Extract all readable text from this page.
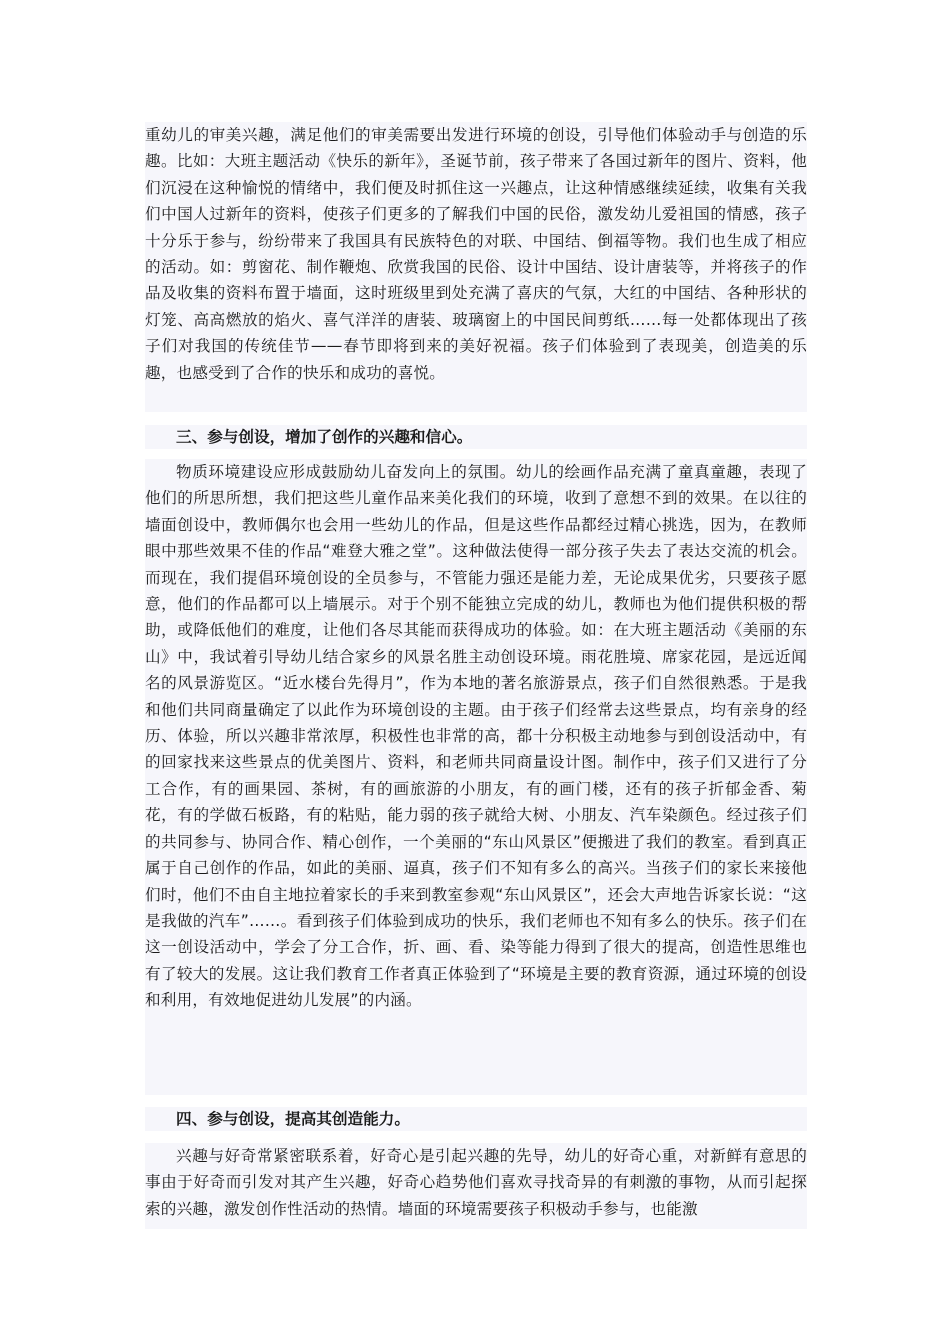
重幼儿的审美兴趣，满足他们的审美需要出发进行环境的创设，引导他们体验动手与创造的乐趣。比如：大班主题活动《快乐的新年》，圣诞节前，孩子带来了各国过新年的图片、资料，他们沉浸在这种愉悦的情绪中，我们便及时抓住这一兴趣点，让这种情感继续延续，收集有关我们中国人过新年的资料，使孩子们更多的了解我们中国的民俗，激发幼儿爱祖国的情感，孩子十分乐于参与，纷纷带来了我国具有民族特色的对联、中国结、倒福等物。我们也生成了相应的活动。如：剪窗花、制作鞭炮、欣赏我国的民俗、设计中国结、设计唐装等，并将孩子的作品及收集的资料布置于墙面，这时班级里到处充满了喜庆的气氛，大红的中国结、各种形状的灯笼、高高燃放的焰火、喜气洋洋的唐装、玻璃窗上的中国民间剪纸……每一处都体现出了孩子们对我国的传统佳节——春节即将到来的美好祝福。孩子们体验到了表现美，创造美的乐趣，也感受到了合作的快乐和成功的喜悦。

三、参与创设，增加了创作的兴趣和信心。

物质环境建设应形成鼓励幼儿奋发向上的氛围。幼儿的绘画作品充满了童真童趣，表现了他们的所思所想，我们把这些儿童作品来美化我们的环境，收到了意想不到的效果。在以往的墙面创设中，教师偶尔也会用一些幼儿的作品，但是这些作品都经过精心挑选，因为，在教师眼中那些效果不佳的作品“难登大雅之堂”。这种做法使得一部分孩子失去了表达交流的机会。而现在，我们提倡环境创设的全员参与，不管能力强还是能力差，无论成果优劣，只要孩子愿意，他们的作品都可以上墙展示。对于个别不能独立完成的幼儿，教师也为他们提供积极的帮助，或降低他们的难度，让他们各尽其能而获得成功的体验。如：在大班主题活动《美丽的东山》中，我试着引导幼儿结合家乡的风景名胜主动创设环境。雨花胜境、席家花园，是远近闻名的风景游览区。“近水楼台先得月”，作为本地的著名旅游景点，孩子们自然很熟悉。于是我和他们共同商量确定了以此作为环境创设的主题。由于孩子们经常去这些景点，均有亲身的经历、体验，所以兴趣非常浓厚，积极性也非常的高，都十分积极主动地参与到创设活动中，有的回家找来这些景点的优美图片、资料，和老师共同商量设计图。制作中，孩子们又进行了分工合作，有的画果园、茶树，有的画旅游的小朋友，有的画门楼，还有的孩子折郁金香、菊花，有的学做石板路，有的粘贴，能力弱的孩子就给大树、小朋友、汽车染颜色。经过孩子们的共同参与、协同合作、精心创作，一个美丽的“东山风景区”便搬进了我们的教室。看到真正属于自己创作的作品，如此的美丽、逼真，孩子们不知有多么的高兴。当孩子们的家长来接他们时，他们不由自主地拉着家长的手来到教室参观“东山风景区”，还会大声地告诉家长说：“这是我做的汽车”……。看到孩子们体验到成功的快乐，我们老师也不知有多么的快乐。孩子们在这一创设活动中，学会了分工合作，折、画、看、染等能力得到了很大的提高，创造性思维也有了较大的发展。这让我们教育工作者真正体验到了“环境是主要的教育资源，通过环境的创设和利用，有效地促进幼儿发展”的内涵。

四、参与创设，提高其创造能力。

兴趣与好奇常紧密联系着，好奇心是引起兴趣的先导，幼儿的好奇心重，对新鲜有意思的事由于好奇而引发对其产生兴趣，好奇心趋势他们喜欢寻找奇异的有刺激的事物，从而引起探索的兴趣，激发创作性活动的热情。墙面的环境需要孩子积极动手参与，也能激
